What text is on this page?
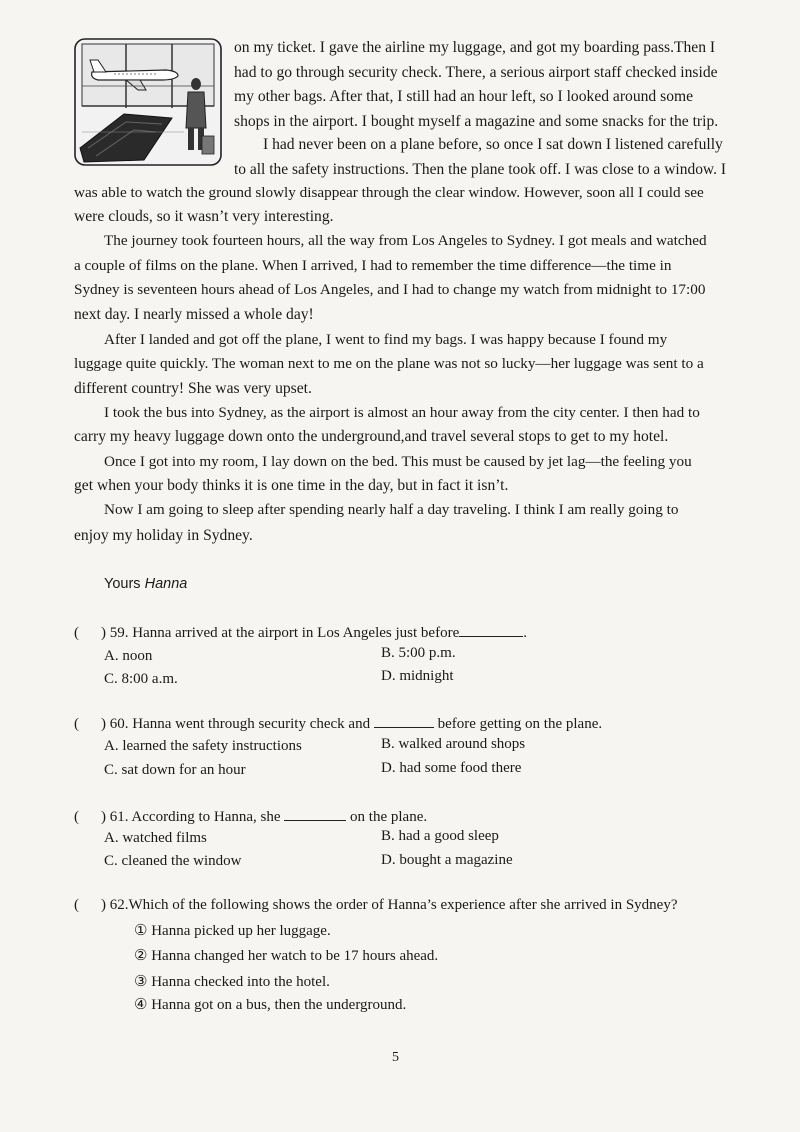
on my ticket. I gave the airline my luggage, and got my boarding pass.Then I
had to go through security check. There, a serious airport staff checked inside
my other bags. After that, I still had an hour left, so I looked around some
shops in the airport. I bought myself a magazine and some snacks for the trip.
I had never been on a plane before, so once I sat down I listened carefully
to all the safety instructions. Then the plane took off. I was close to a window. I
was able to watch the ground slowly disappear through the clear window. However, soon all I could see
were clouds, so it wasn’t very interesting.
The journey took fourteen hours, all the way from Los Angeles to Sydney. I got meals and watched
a couple of films on the plane. When I arrived, I had to remember the time difference—the time in
Sydney is seventeen hours ahead of Los Angeles, and I had to change my watch from midnight to 17:00
next day. I nearly missed a whole day!
After I landed and got off the plane, I went to find my bags. I was happy because I found my
luggage quite quickly. The woman next to me on the plane was not so lucky—her luggage was sent to a
different country! She was very upset.
I took the bus into Sydney, as the airport is almost an hour away from the city center. I then had to
carry my heavy luggage down onto the underground,and travel several stops to get to my hotel.
Once I got into my room, I lay down on the bed. This must be caused by jet lag—the feeling you
get when your body thinks it is one time in the day, but in fact it isn’t.
Now I am going to sleep after spending nearly half a day traveling. I think I am really going to
enjoy my holiday in Sydney.
Yours Hanna
( ) 59. Hanna arrived at the airport in Los Angeles just before	.
A. noon	B. 5:00 p.m.
C. 8:00 a.m.	D. midnight
( ) 60. Hanna went through security check and	before getting on the plane.
A. learned the safety instructions	B. walked around shops
C. sat down for an hour	D. had some food there
( ) 61. According to Hanna, she	on the plane.
A. watched films	B. had a good sleep
C. cleaned the window	D. bought a magazine
( ) 62.Which of the following shows the order of Hanna’s experience after she arrived in Sydney?
① Hanna picked up her luggage.
② Hanna changed her watch to be 17 hours ahead.
③ Hanna checked into the hotel.
④ Hanna got on a bus, then the underground.
5
